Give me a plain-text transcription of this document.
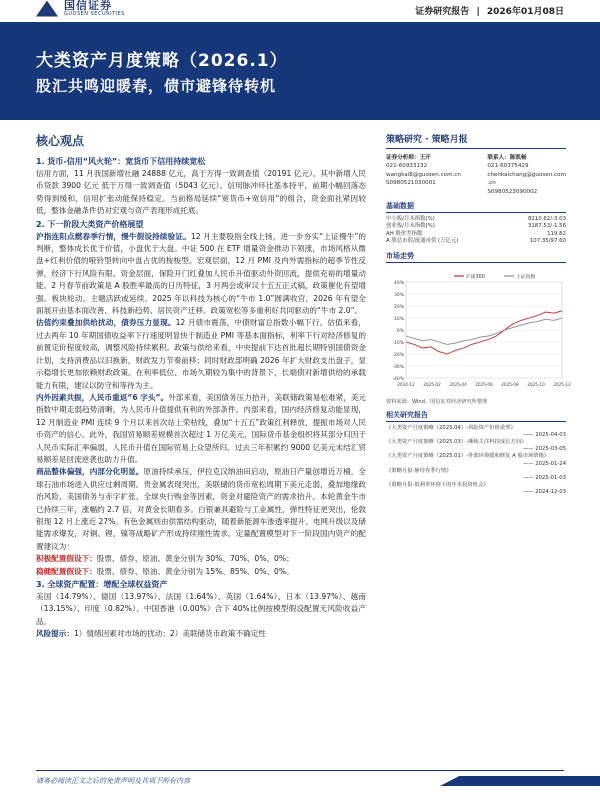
国信证券
GUOSEN SECURITIES	证券研究报告 | 2026年01月08日
大类资产月度策略（2026.1）
股汇共鸣迎暖春，债市避锋待转机
核心观点
1. 货币-信用“风火轮”：宽货币下信用持续宽松
信用方面，11 月我国新增社融 24888 亿元，高于万得一致调查值（20191 亿元）。其中新增人民币贷款 3900 亿元 低于万得一致调查值（5043 亿元）。信用脉冲环比基本持平，前期小幅回落态势得到缓和，信用扩张动能保持稳定。当前格局延续“宽货币+宽信用”的组合，资金面社紧因较低，整体金融条件仍对宏观与资产表现形成托底。
2. 下一阶段大类资产价格展望
沪指连阳点燃春季行情，慢牛假设持续验证。12 月主要股指全线上扬，进一步夯实“上证慢牛”的判断，整体成长优于价值，小盘优于大盘。中证 500 在 ETF 增量资金推动下领涨，市场风格从微盘+红利价值的哑铃型转向中盘占优的梭梭型。宏观层面，12 月 PMI 及内外需指标的超季节性反弹，经济下行风险有限。资金层面，保险开门红叠加人民币升值驱动外资回流，提供充裕的增量动能。2 月春节前政策是 A 股胜率最高的日历特征，3 月两会或审议十五五正式稿，政策催化有望增强。板块轮动、主题活跃或延续。2025 年以科技为核心的“牛市 1.0”圆满收官，2026 年有望全面展开由基本面改善、科技新趋势、居民资产迁移、政策宽松等多重利好共同驱动的“牛市 2.0”。
估值约束叠加供给扰动，债券压力显现。12 月债市震荡，中债财富总指数小幅下行。估值来看，过去两年 10 年期国债收益率下行速度明显快于制造业 PMI 等基本面指标，利率下行对经济修复的前置定价程度较高，调整风险持续累积。政策与供给来看，中央提前下达首批超长期特别国债资金计划，支持消费品以旧换新，财政发力节奏前移；同时财政部明确 2026 年扩大财政支出盘子，显示稳增长更加依赖财政政策。在利率低位、市场久期较为集中的背景下，长端债对新增供给的承载能力有限，建议以防守和等待为主。
内外因素共振，人民币重返“6 字头”。外部来看，美国债务压力抬升，美联储政策易松难紧，美元指数中期走弱趋势清晰，为人民币升值提供有利的外部条件。内部来看，国内经济修复动能显现，12 月制造业 PMI 连续 9 个月以来首次站上荣枯线，叠加“十五五”政策红利释放，提振市场对人民币资产的信心。此外，我国贸易顺差规模首次超过 1 万亿美元，国际货币基金组织将其部分归因于人民币实际汇率偏弱，人民币升值在国际贸易上众望所归。过去三年积累约 9000 亿美元未结汇贸易顺差是回流逆袭也助力升值。
商品整体偏强，内部分化明显。原油持续承压，伊拉克汉纳油田启动，原油日产量创增近万桶，全球石油市场进入供应过剩周期。贵金属表现突出，美联储的货币宽松周期下美元走弱，叠加地缘政治风险、美国债务与赤字扩张、全球央行购金等因素，资金对避险资产的需求抬升。本轮黄金牛市已持续三年，涨幅约 2.7 倍，对黄金长期看多。白银兼具避险与工业属性，弹性特征更突出，伦敦银现 12 月上涨近 27%。有色金属则由供需结构驱动，随着新能源车渗透率提升、电网升级以及储能需求爆发，对铜、锂、镍等战略矿产形成持续刚性需求。定量配置模型对下一阶段国内资产的配置建议为：
积极配置假设下：股票、债券、原油、黄金分别为 30%、70%、0%、0%；
稳健配置假设下：股票、债券、原油、黄金分别为 15%、85%、0%、0%。
3. 全球资产配置：增配全球权益资产
美国（14.79%）、德国（13.97%）、法国（1.64%）、英国（1.64%）、日本（13.97%）、越南（13.15%）、印度（0.82%）、中国香港（0.00%）合下 40%比例按模型假设配置无风险收益产品。
风险提示：1）情绪因素对市场的扰动；2）美联储货币政策不确定性
策略研究 · 策略月报
证券分析师：王开
021-60933132
wangkai8@guosen.com.cn
S0980521030001
联系人：陈凯畅
021-60375429
chenkaichang@guosen.com
.cn
S0980523090002
基础数据
中小板/月末指数(%)	8210.62/-3.03
创业板/月末指数(%)	3187.53/-1.56
AH 股价差指数	119.82
A 股总市值/流通市值 (万亿元)	107.35/97.60
市场走势
40%
30%
20%
10%
0%
-10%
-20%
-30%
-40%
2024-12 2025-02 2025-04 2025-06 2025-08 2025-10 2025-12
沪深300	上证指数
资料来源：Wind、国信证券经济研究所整理
相关研究报告
《大类资产月度策略（2025.04）-风险资产价值重塑》
—— 2025-04-03
《大类资产月度策略（2025.03）-继续关注科技成长方向》
—— 2025-03-05
《大类资产月度策略（2025.01）-外部环境缓和修复 A 股市场情绪》
—— 2025-01-24
《策略月报-静待春季行情》
—— 2025-01-03
《策略月报-低利率环境下的年末投资机会》
—— 2024-12-03
请务必阅读正文之后的免责声明及其项下所有内容
